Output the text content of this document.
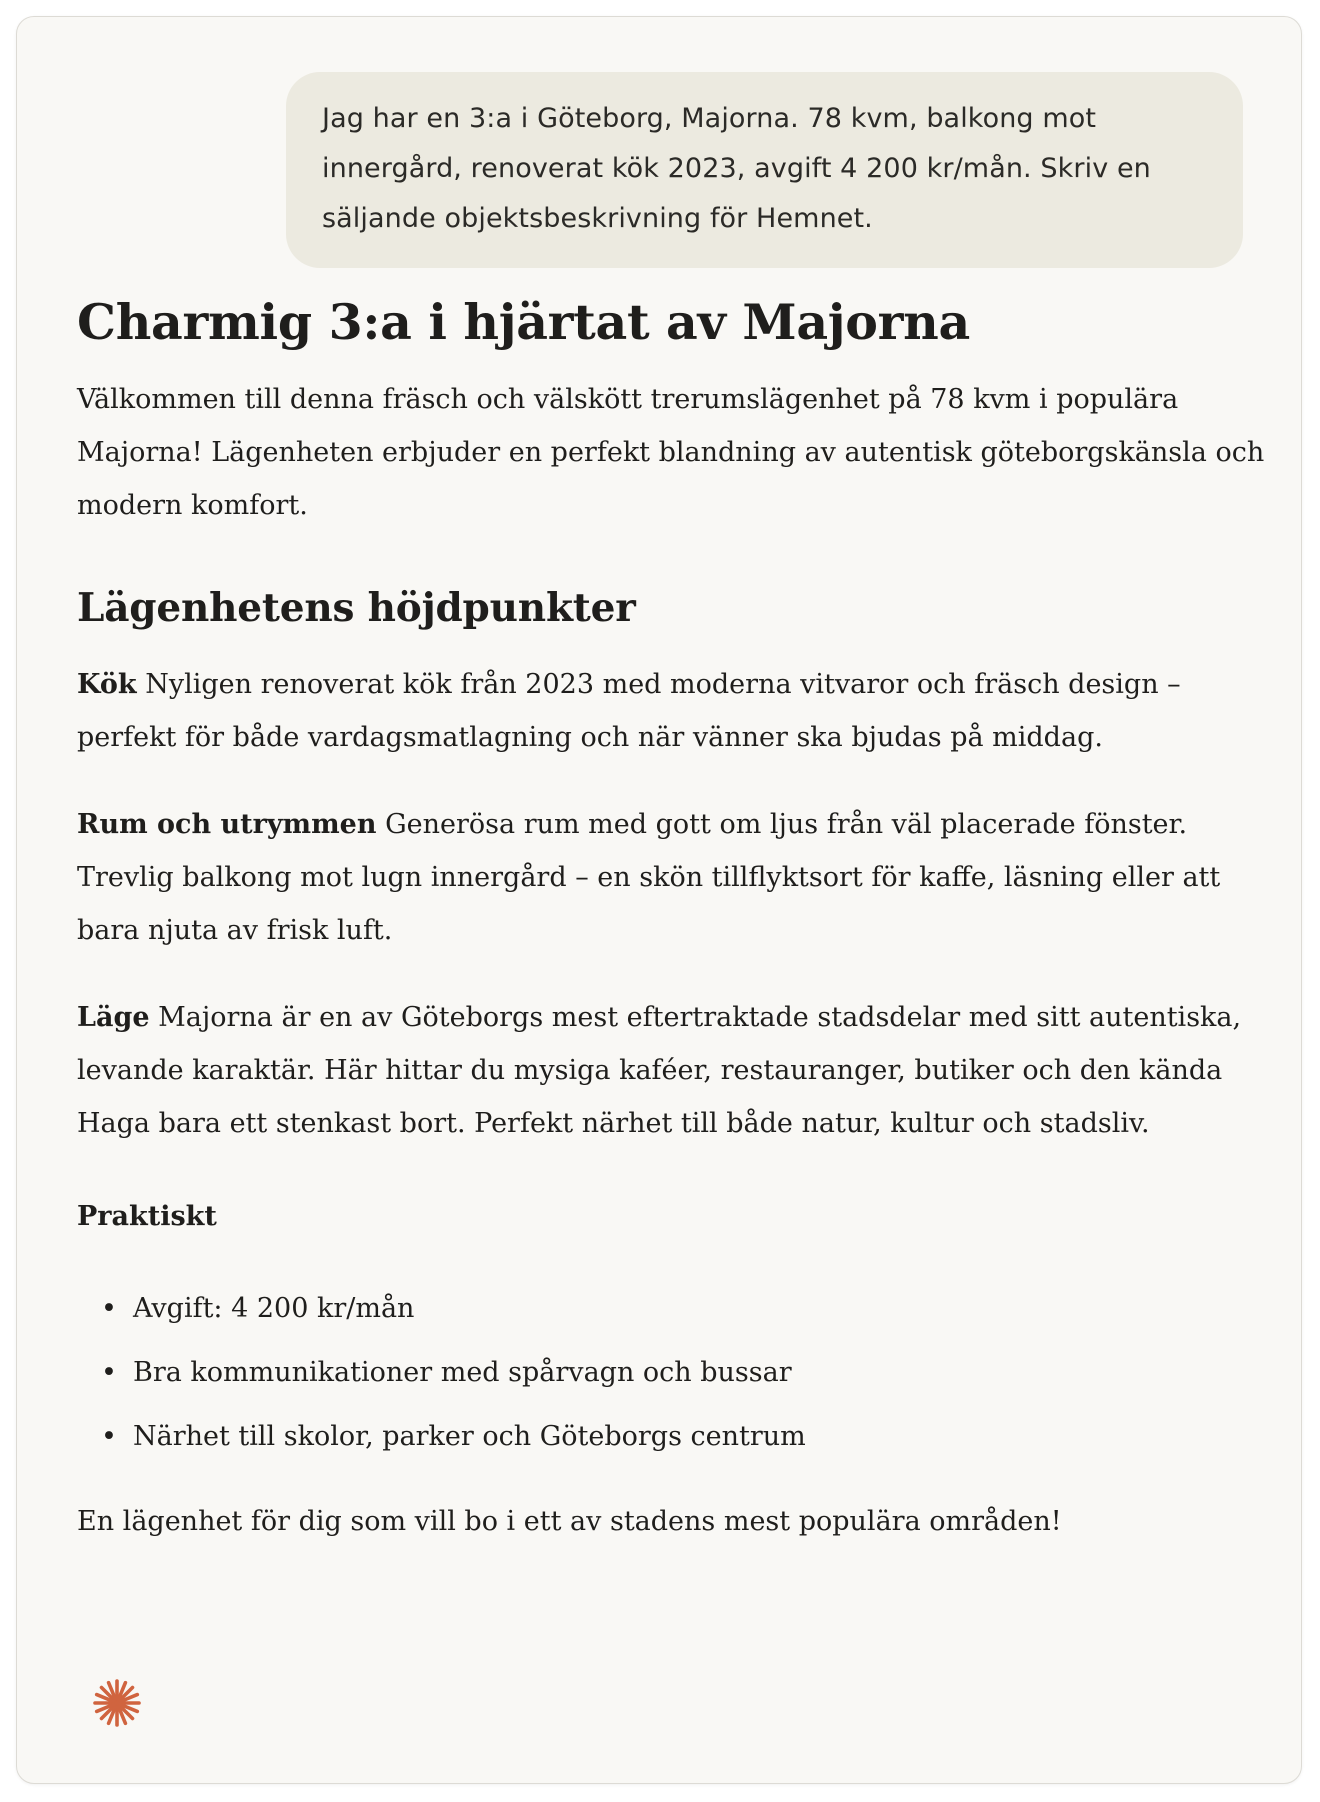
Jag har en 3:a i Göteborg, Majorna. 78 kvm, balkong mot innergård, renoverat kök 2023, avgift 4 200 kr/mån. Skriv en säljande objektsbeskrivning för Hemnet.
Charmig 3:a i hjärtat av Majorna

Välkommen till denna fräsch och välskött trerumslägenhet på 78 kvm i populära Majorna! Lägenheten erbjuder en perfekt blandning av autentisk göteborgskänsla och modern komfort.

Lägenhetens höjdpunkter

Kök Nyligen renoverat kök från 2023 med moderna vitvaror och fräsch design – perfekt för både vardagsmatlagning och när vänner ska bjudas på middag.

Rum och utrymmen Generösa rum med gott om ljus från väl placerade fönster. Trevlig balkong mot lugn innergård – en skön tillflyktsort för kaffe, läsning eller att bara njuta av frisk luft.

Läge Majorna är en av Göteborgs mest eftertraktade stadsdelar med sitt autentiska, levande karaktär. Här hittar du mysiga kaféer, restauranger, butiker och den kända Haga bara ett stenkast bort. Perfekt närhet till både natur, kultur och stadsliv.

Praktiskt

• Avgift: 4 200 kr/mån
• Bra kommunikationer med spårvagn och bussar
• Närhet till skolor, parker och Göteborgs centrum

En lägenhet för dig som vill bo i ett av stadens mest populära områden!
